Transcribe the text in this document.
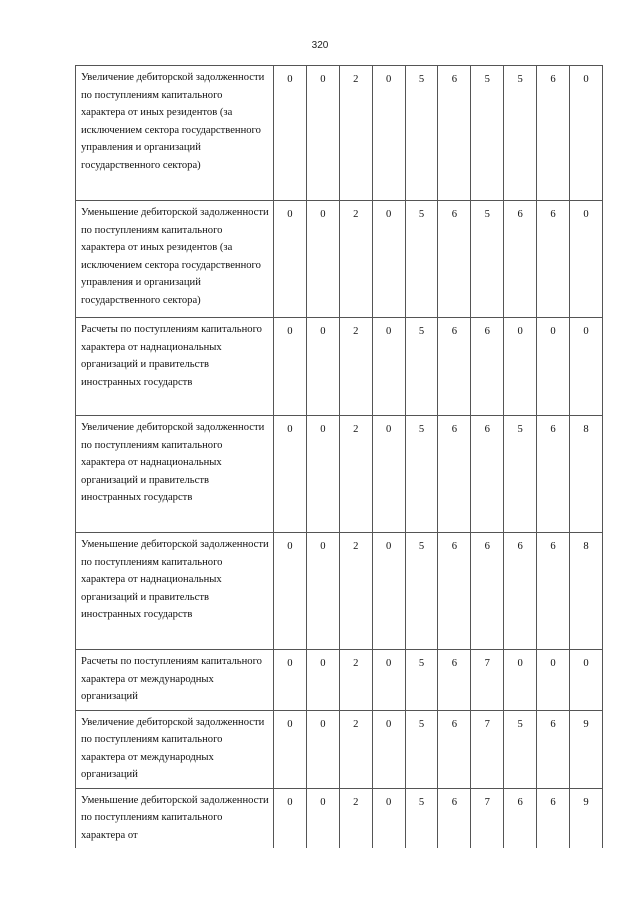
320
Увеличение дебиторской задолженности по поступлениям капитального характера от иных резидентов (за исключением сектора государственного управления и организаций государственного сектора)	0	0	2	0	5	6	5	5	6	0
Уменьшение дебиторской задолженности по поступлениям капитального характера от иных резидентов (за исключением сектора государственного управления и организаций государственного сектора)	0	0	2	0	5	6	5	6	6	0
Расчеты по поступлениям капитального характера от наднациональных организаций и правительств иностранных государств	0	0	2	0	5	6	6	0	0	0
Увеличение дебиторской задолженности по поступлениям капитального характера от наднациональных организаций и правительств иностранных государств	0	0	2	0	5	6	6	5	6	8
Уменьшение дебиторской задолженности по поступлениям капитального характера от наднациональных организаций и правительств иностранных государств	0	0	2	0	5	6	6	6	6	8
Расчеты по поступлениям капитального характера от международных организаций	0	0	2	0	5	6	7	0	0	0
Увеличение дебиторской задолженности по поступлениям капитального характера от международных организаций	0	0	2	0	5	6	7	5	6	9
Уменьшение дебиторской задолженности по поступлениям капитального характера от	0	0	2	0	5	6	7	6	6	9
